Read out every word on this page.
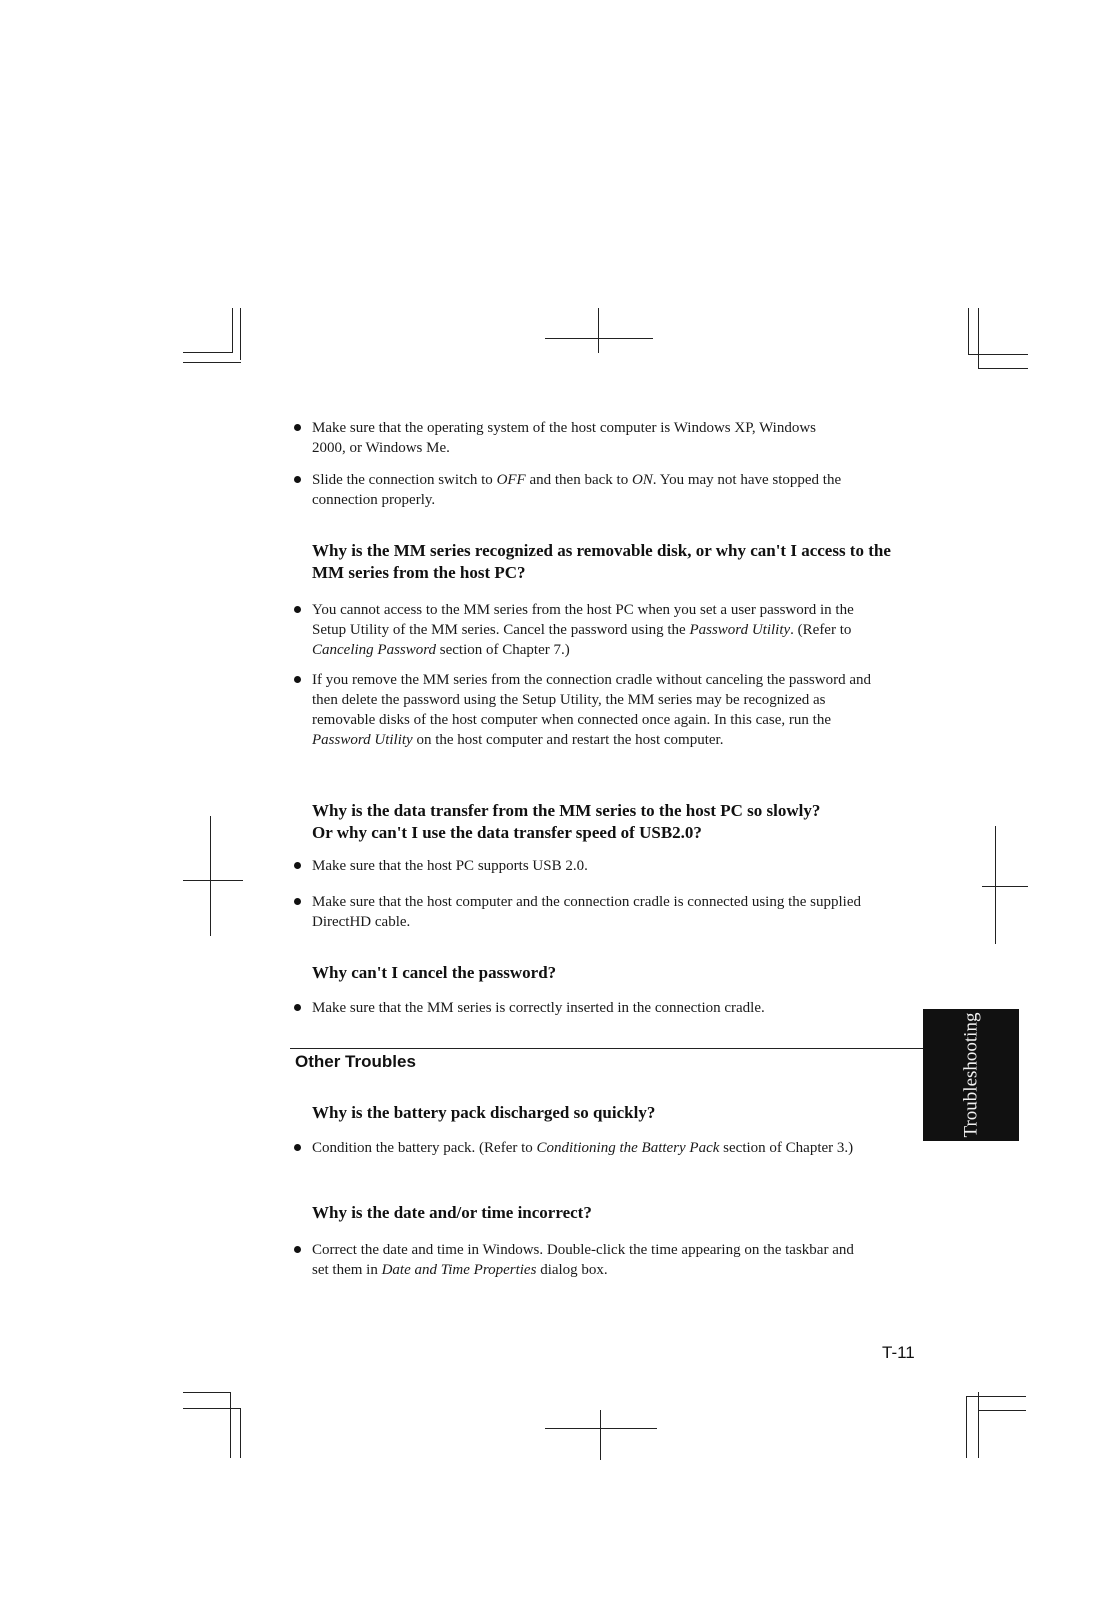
Make sure that the operating system of the host computer is Windows XP, Windows 2000, or Windows Me.

Slide the connection switch to OFF and then back to ON. You may not have stopped the connection properly.

Why is the MM series recognized as removable disk, or why can't I access to the MM series from the host PC?

You cannot access to the MM series from the host PC when you set a user password in the Setup Utility of the MM series. Cancel the password using the Password Utility. (Refer to Canceling Password section of Chapter 7.)

If you remove the MM series from the connection cradle without canceling the password and then delete the password using the Setup Utility, the MM series may be recognized as removable disks of the host computer when connected once again. In this case, run the Password Utility on the host computer and restart the host computer.

Why is the data transfer from the MM series to the host PC so slowly?
Or why can't I use the data transfer speed of USB2.0?

Make sure that the host PC supports USB 2.0.

Make sure that the host computer and the connection cradle is connected using the supplied DirectHD cable.

Why can't I cancel the password?

Make sure that the MM series is correctly inserted in the connection cradle.

Other Troubles
Why is the battery pack discharged so quickly?

Condition the battery pack. (Refer to Conditioning the Battery Pack section of Chapter 3.)

Why is the date and/or time incorrect?

Correct the date and time in Windows. Double-click the time appearing on the taskbar and set them in Date and Time Properties dialog box.

Troubleshooting
T-11
